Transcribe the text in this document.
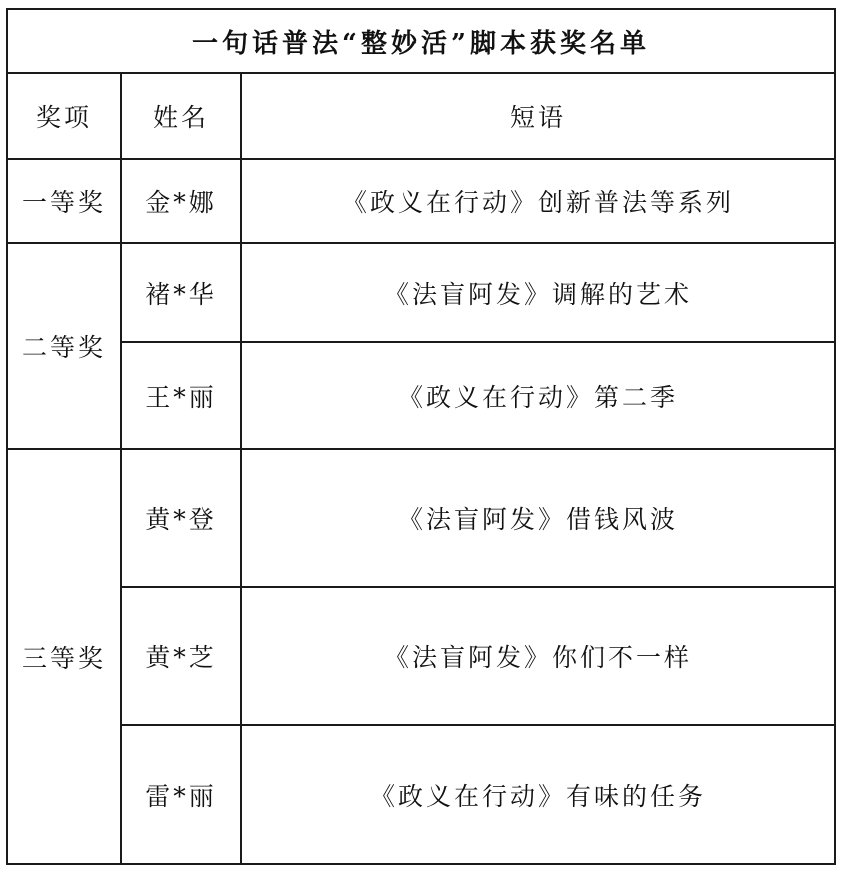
一句话普法“整妙活”脚本获奖名单		
奖项	姓名	短语
一等奖	金*娜	《政义在行动》创新普法等系列
二等奖	褚*华	《法盲阿发》调解的艺术
	王*丽	《政义在行动》第二季
三等奖	黄*登	《法盲阿发》借钱风波
	黄*芝	《法盲阿发》你们不一样
	雷*丽	《政义在行动》有味的任务
